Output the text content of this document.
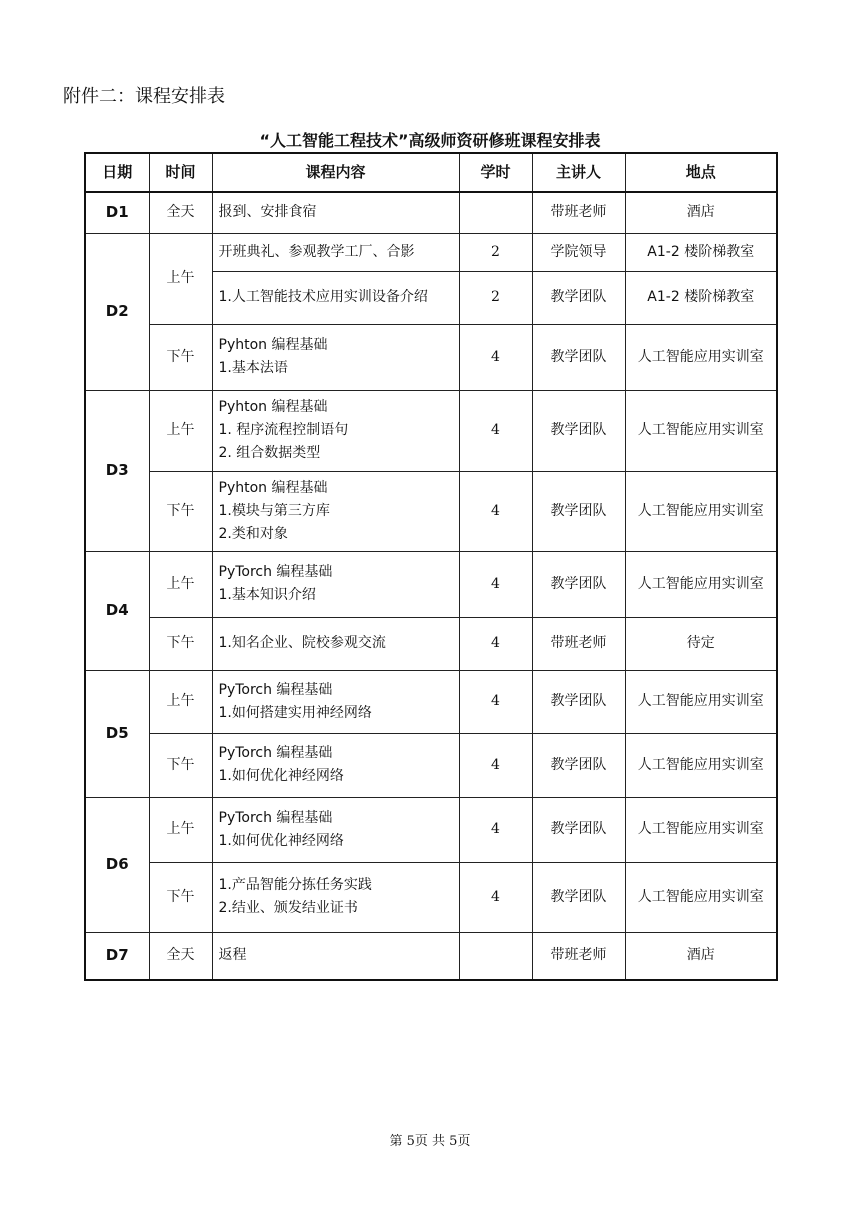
附件二：课程安排表
“人工智能工程技术”高级师资研修班课程安排表
日期	时间	课程内容	学时	主讲人	地点
D1	全天	报到、安排食宿		带班老师	酒店
D2	上午	开班典礼、参观教学工厂、合影	2	学院领导	A1-2 楼阶梯教室

		1.人工智能技术应用实训设备介绍	2	教学团队	A1-2 楼阶梯教室
	下午	Pyhton 编程基础
1.基本法语	4	教学团队	人工智能应用实训室
D3	上午	Pyhton 编程基础
1. 程序流程控制语句
2. 组合数据类型	4	教学团队	人工智能应用实训室
	下午	Pyhton 编程基础
1.模块与第三方库
2.类和对象	4	教学团队	人工智能应用实训室
D4	上午	PyTorch 编程基础
1.基本知识介绍	4	教学团队	人工智能应用实训室
	下午	1.知名企业、院校参观交流	4	带班老师	待定
D5	上午	PyTorch 编程基础
1.如何搭建实用神经网络	4	教学团队	人工智能应用实训室
	下午	PyTorch 编程基础
1.如何优化神经网络	4	教学团队	人工智能应用实训室
D6	上午	PyTorch 编程基础
1.如何优化神经网络	4	教学团队	人工智能应用实训室
	下午	1.产品智能分拣任务实践
2.结业、颁发结业证书	4	教学团队	人工智能应用实训室
D7	全天	返程		带班老师	酒店
第 5页 共 5页
